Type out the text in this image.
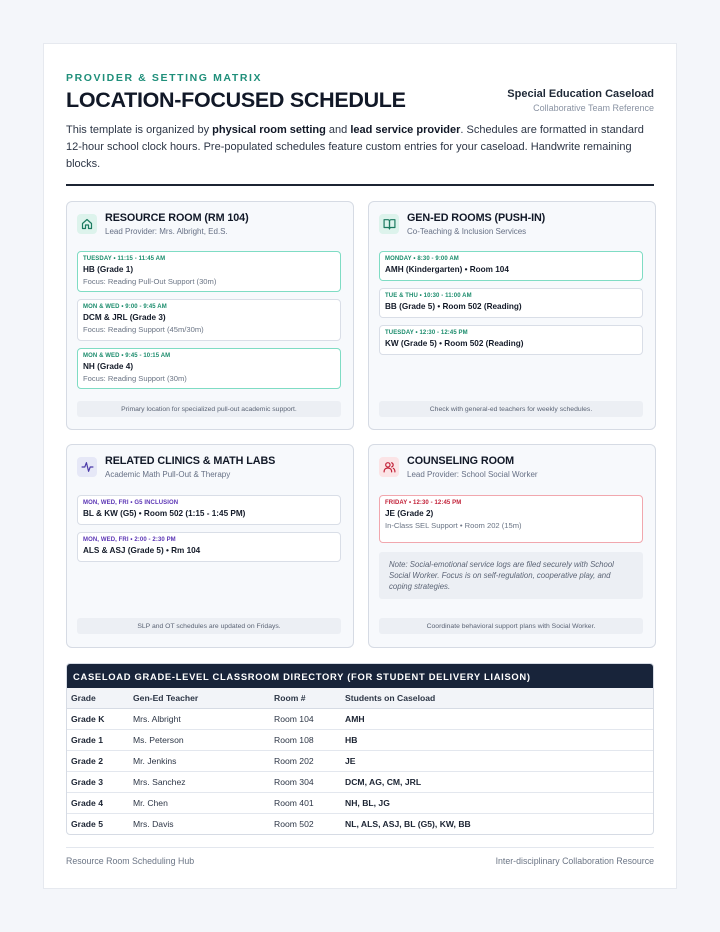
PROVIDER & SETTING MATRIX
LOCATION-FOCUSED SCHEDULE	Special Education Caseload
Collaborative Team Reference

This template is organized by physical room setting and lead service provider. Schedules are formatted in standard 12-hour school clock hours. Pre-populated schedules feature custom entries for your caseload. Handwrite remaining blocks.

RESOURCE ROOM (RM 104)
Lead Provider: Mrs. Albright, Ed.S.
TUESDAY • 11:15 - 11:45 AM
HB (Grade 1)
Focus: Reading Pull-Out Support (30m)
MON & WED • 9:00 - 9:45 AM
DCM & JRL (Grade 3)
Focus: Reading Support (45m/30m)
MON & WED • 9:45 - 10:15 AM
NH (Grade 4)
Focus: Reading Support (30m)
Primary location for specialized pull-out academic support.
GEN-ED ROOMS (PUSH-IN)
Co-Teaching & Inclusion Services
MONDAY • 8:30 - 9:00 AM
AMH (Kindergarten) • Room 104
TUE & THU • 10:30 - 11:00 AM
BB (Grade 5) • Room 502 (Reading)
TUESDAY • 12:30 - 12:45 PM
KW (Grade 5) • Room 502 (Reading)
Check with general-ed teachers for weekly schedules.
RELATED CLINICS & MATH LABS
Academic Math Pull-Out & Therapy
MON, WED, FRI • G5 INCLUSION
BL & KW (G5) • Room 502 (1:15 - 1:45 PM)
MON, WED, FRI • 2:00 - 2:30 PM
ALS & ASJ (Grade 5) • Rm 104
SLP and OT schedules are updated on Fridays.
COUNSELING ROOM
Lead Provider: School Social Worker
FRIDAY • 12:30 - 12:45 PM
JE (Grade 2)
In-Class SEL Support • Room 202 (15m)
Note: Social-emotional service logs are filed securely with School Social Worker. Focus is on self-regulation, cooperative play, and coping strategies.
Coordinate behavioral support plans with Social Worker.
CASELOAD GRADE-LEVEL CLASSROOM DIRECTORY (FOR STUDENT DELIVERY LIAISON)
Grade	Gen-Ed Teacher	Room #	Students on Caseload
Grade K	Mrs. Albright	Room 104	AMH
Grade 1	Ms. Peterson	Room 108	HB
Grade 2	Mr. Jenkins	Room 202	JE
Grade 3	Mrs. Sanchez	Room 304	DCM, AG, CM, JRL
Grade 4	Mr. Chen	Room 401	NH, BL, JG
Grade 5	Mrs. Davis	Room 502	NL, ALS, ASJ, BL (G5), KW, BB
Resource Room Scheduling Hub	Inter-disciplinary Collaboration Resource
